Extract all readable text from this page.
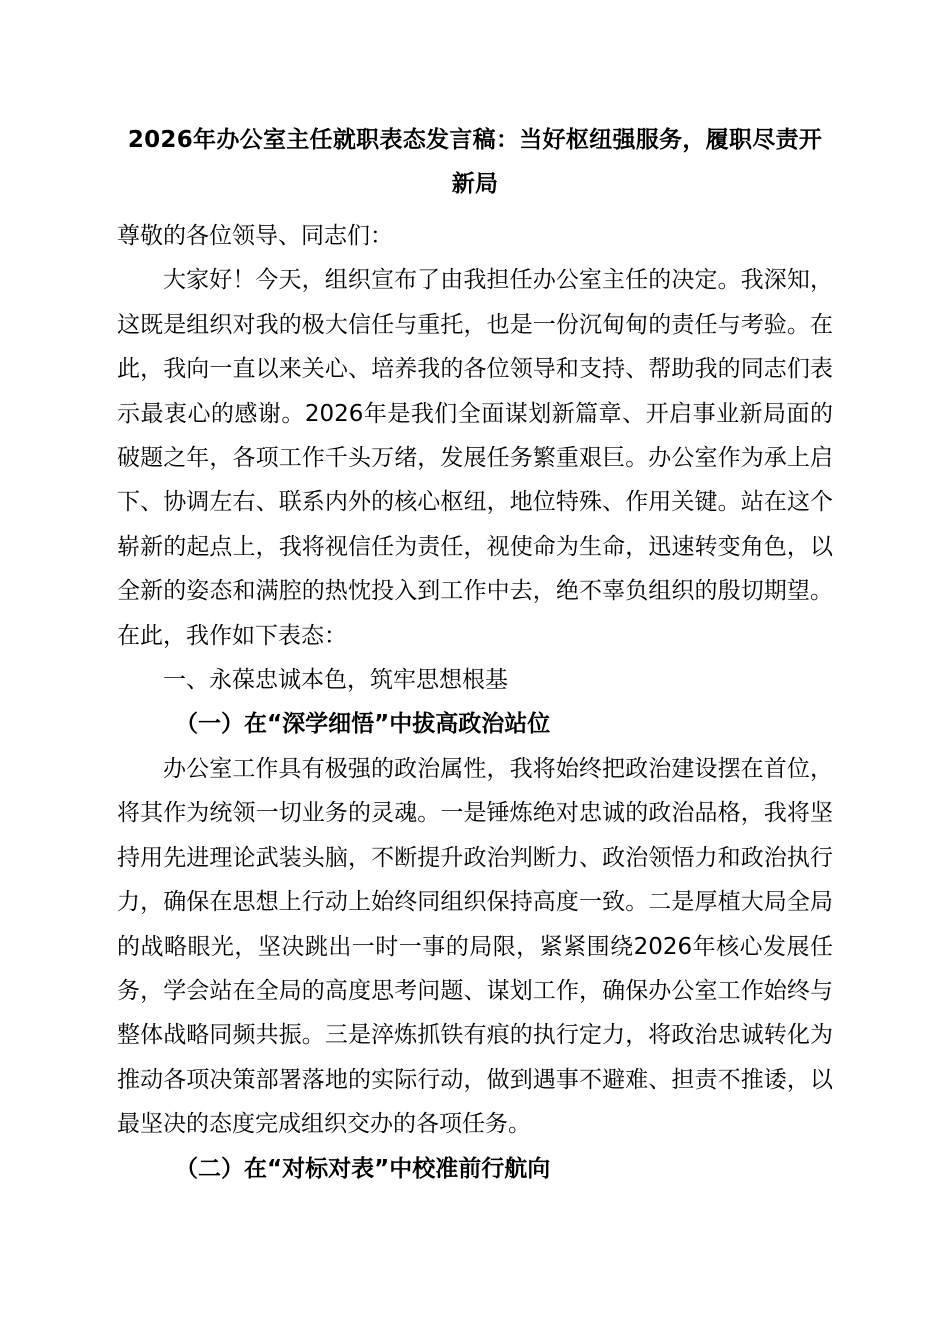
2026年办公室主任就职表态发言稿：当好枢纽强服务，履职尽责开新局

尊敬的各位领导、同志们：

大家好！今天，组织宣布了由我担任办公室主任的决定。我深知，这既是组织对我的极大信任与重托，也是一份沉甸甸的责任与考验。在此，我向一直以来关心、培养我的各位领导和支持、帮助我的同志们表示最衷心的感谢。2026年是我们全面谋划新篇章、开启事业新局面的破题之年，各项工作千头万绪，发展任务繁重艰巨。办公室作为承上启下、协调左右、联系内外的核心枢纽，地位特殊、作用关键。站在这个崭新的起点上，我将视信任为责任，视使命为生命，迅速转变角色，以全新的姿态和满腔的热忱投入到工作中去，绝不辜负组织的殷切期望。在此，我作如下表态：

一、永葆忠诚本色，筑牢思想根基

（一）在“深学细悟”中拔高政治站位

办公室工作具有极强的政治属性，我将始终把政治建设摆在首位，将其作为统领一切业务的灵魂。一是锤炼绝对忠诚的政治品格，我将坚持用先进理论武装头脑，不断提升政治判断力、政治领悟力和政治执行力，确保在思想上行动上始终同组织保持高度一致。二是厚植大局全局的战略眼光，坚决跳出一时一事的局限，紧紧围绕2026年核心发展任务，学会站在全局的高度思考问题、谋划工作，确保办公室工作始终与整体战略同频共振。三是淬炼抓铁有痕的执行定力，将政治忠诚转化为推动各项决策部署落地的实际行动，做到遇事不避难、担责不推诿，以最坚决的态度完成组织交办的各项任务。

（二）在“对标对表”中校准前行航向
